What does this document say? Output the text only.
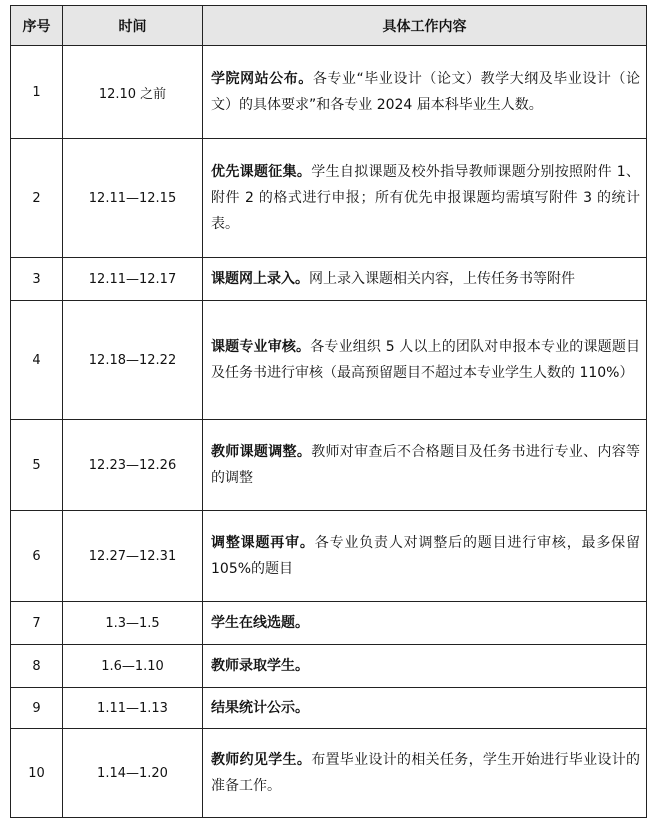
序号	时间	具体工作内容
1	12.10 之前	学院网站公布。各专业“毕业设计（论文）教学大纲及毕业设计（论文）的具体要求”和各专业 2024 届本科毕业生人数。
2	12.11—12.15	优先课题征集。学生自拟课题及校外指导教师课题分别按照附件 1、附件 2 的格式进行申报；所有优先申报课题均需填写附件 3 的统计表。
3	12.11—12.17	课题网上录入。网上录入课题相关内容，上传任务书等附件
4	12.18—12.22	课题专业审核。各专业组织 5 人以上的团队对申报本专业的课题题目及任务书进行审核（最高预留题目不超过本专业学生人数的 110%）
5	12.23—12.26	教师课题调整。教师对审查后不合格题目及任务书进行专业、内容等的调整
6	12.27—12.31	调整课题再审。各专业负责人对调整后的题目进行审核，最多保留 105%的题目
7	1.3—1.5	学生在线选题。
8	1.6—1.10	教师录取学生。
9	1.11—1.13	结果统计公示。
10	1.14—1.20	教师约见学生。布置毕业设计的相关任务，学生开始进行毕业设计的准备工作。
